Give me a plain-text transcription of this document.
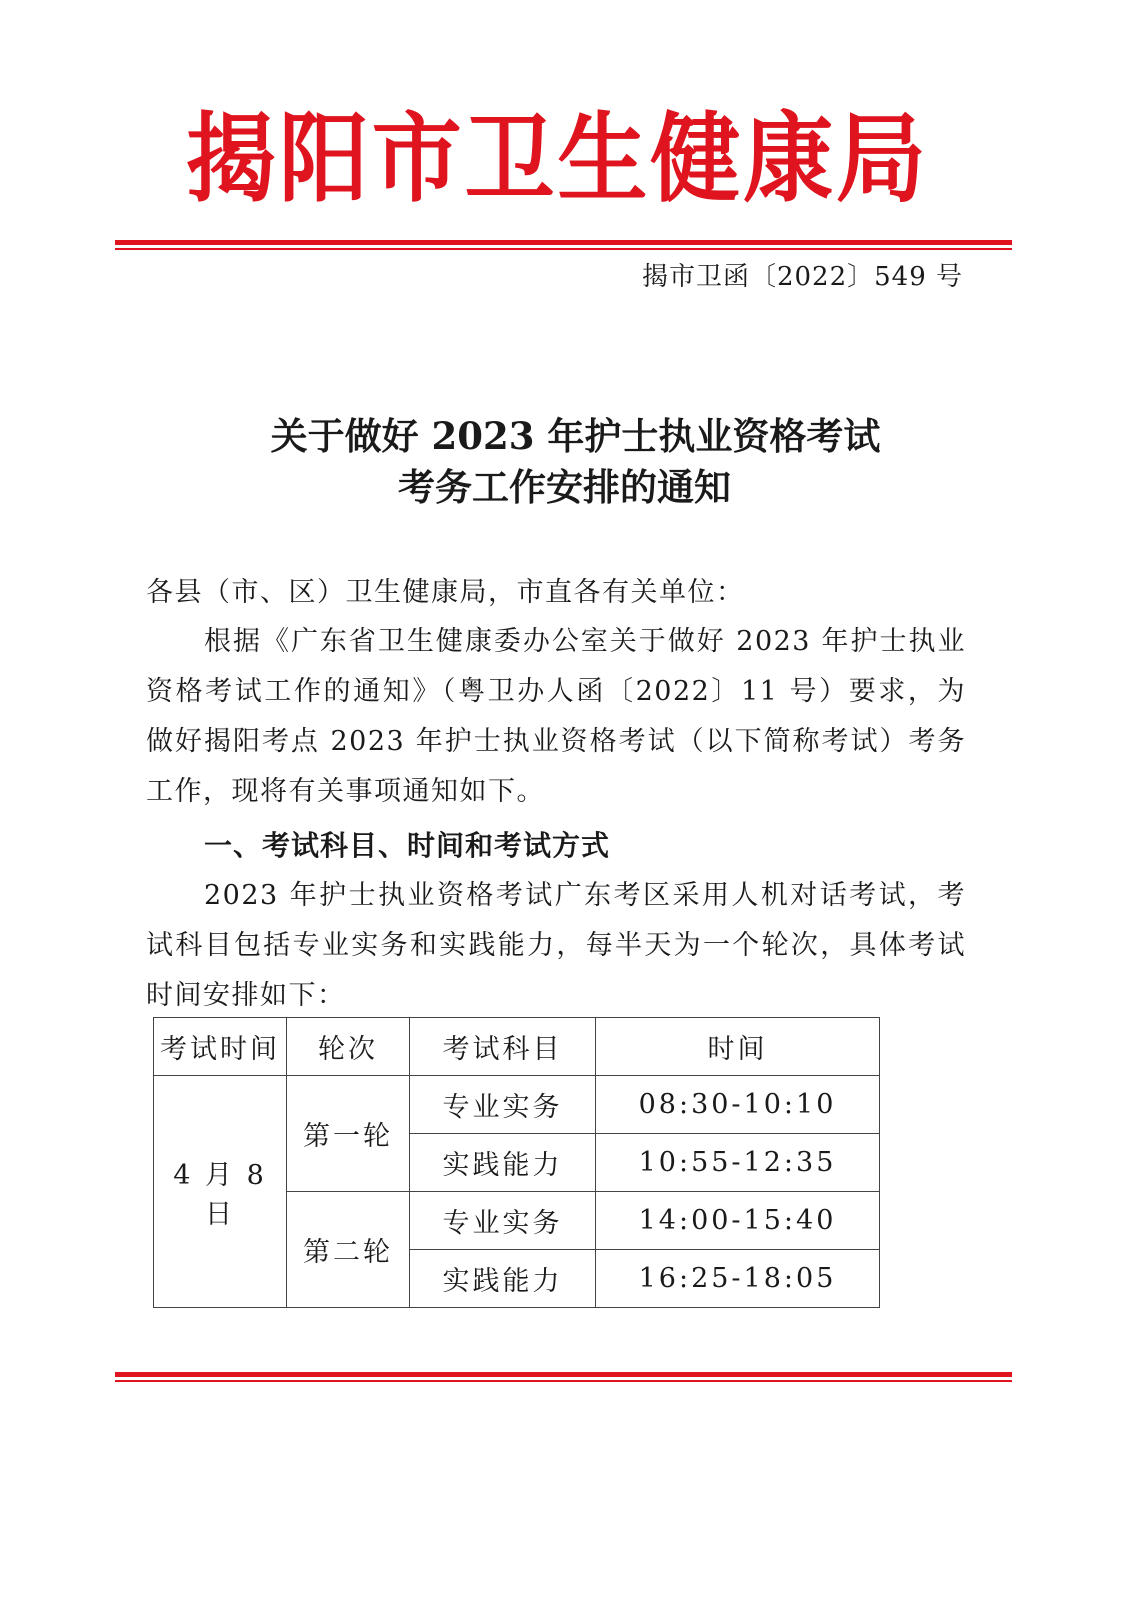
揭 阳 市 卫 生 健 康 局
揭市卫函〔2022〕549 号
关于做好 2023 年护士执业资格考试
考务工作安排的通知
各县（市、区）卫生健康局，市直各有关单位：
根据《广东省卫生健康委办公室关于做好 2023 年护士执业资格考试工作的通知》（粤卫办人函〔2022〕11 号）要求，为做好揭阳考点 2023 年护士执业资格考试（以下简称考试）考务工作，现将有关事项通知如下。
一、考试科目、时间和考试方式
2023 年护士执业资格考试广东考区采用人机对话考试，考试科目包括专业实务和实践能力，每半天为一个轮次，具体考试时间安排如下：
考试时间	轮次	考试科目	时间
4 月 8 日	第一轮	专业实务	08:30-10:10
		实践能力	10:55-12:35
	第二轮	专业实务	14:00-15:40
		实践能力	16:25-18:05
